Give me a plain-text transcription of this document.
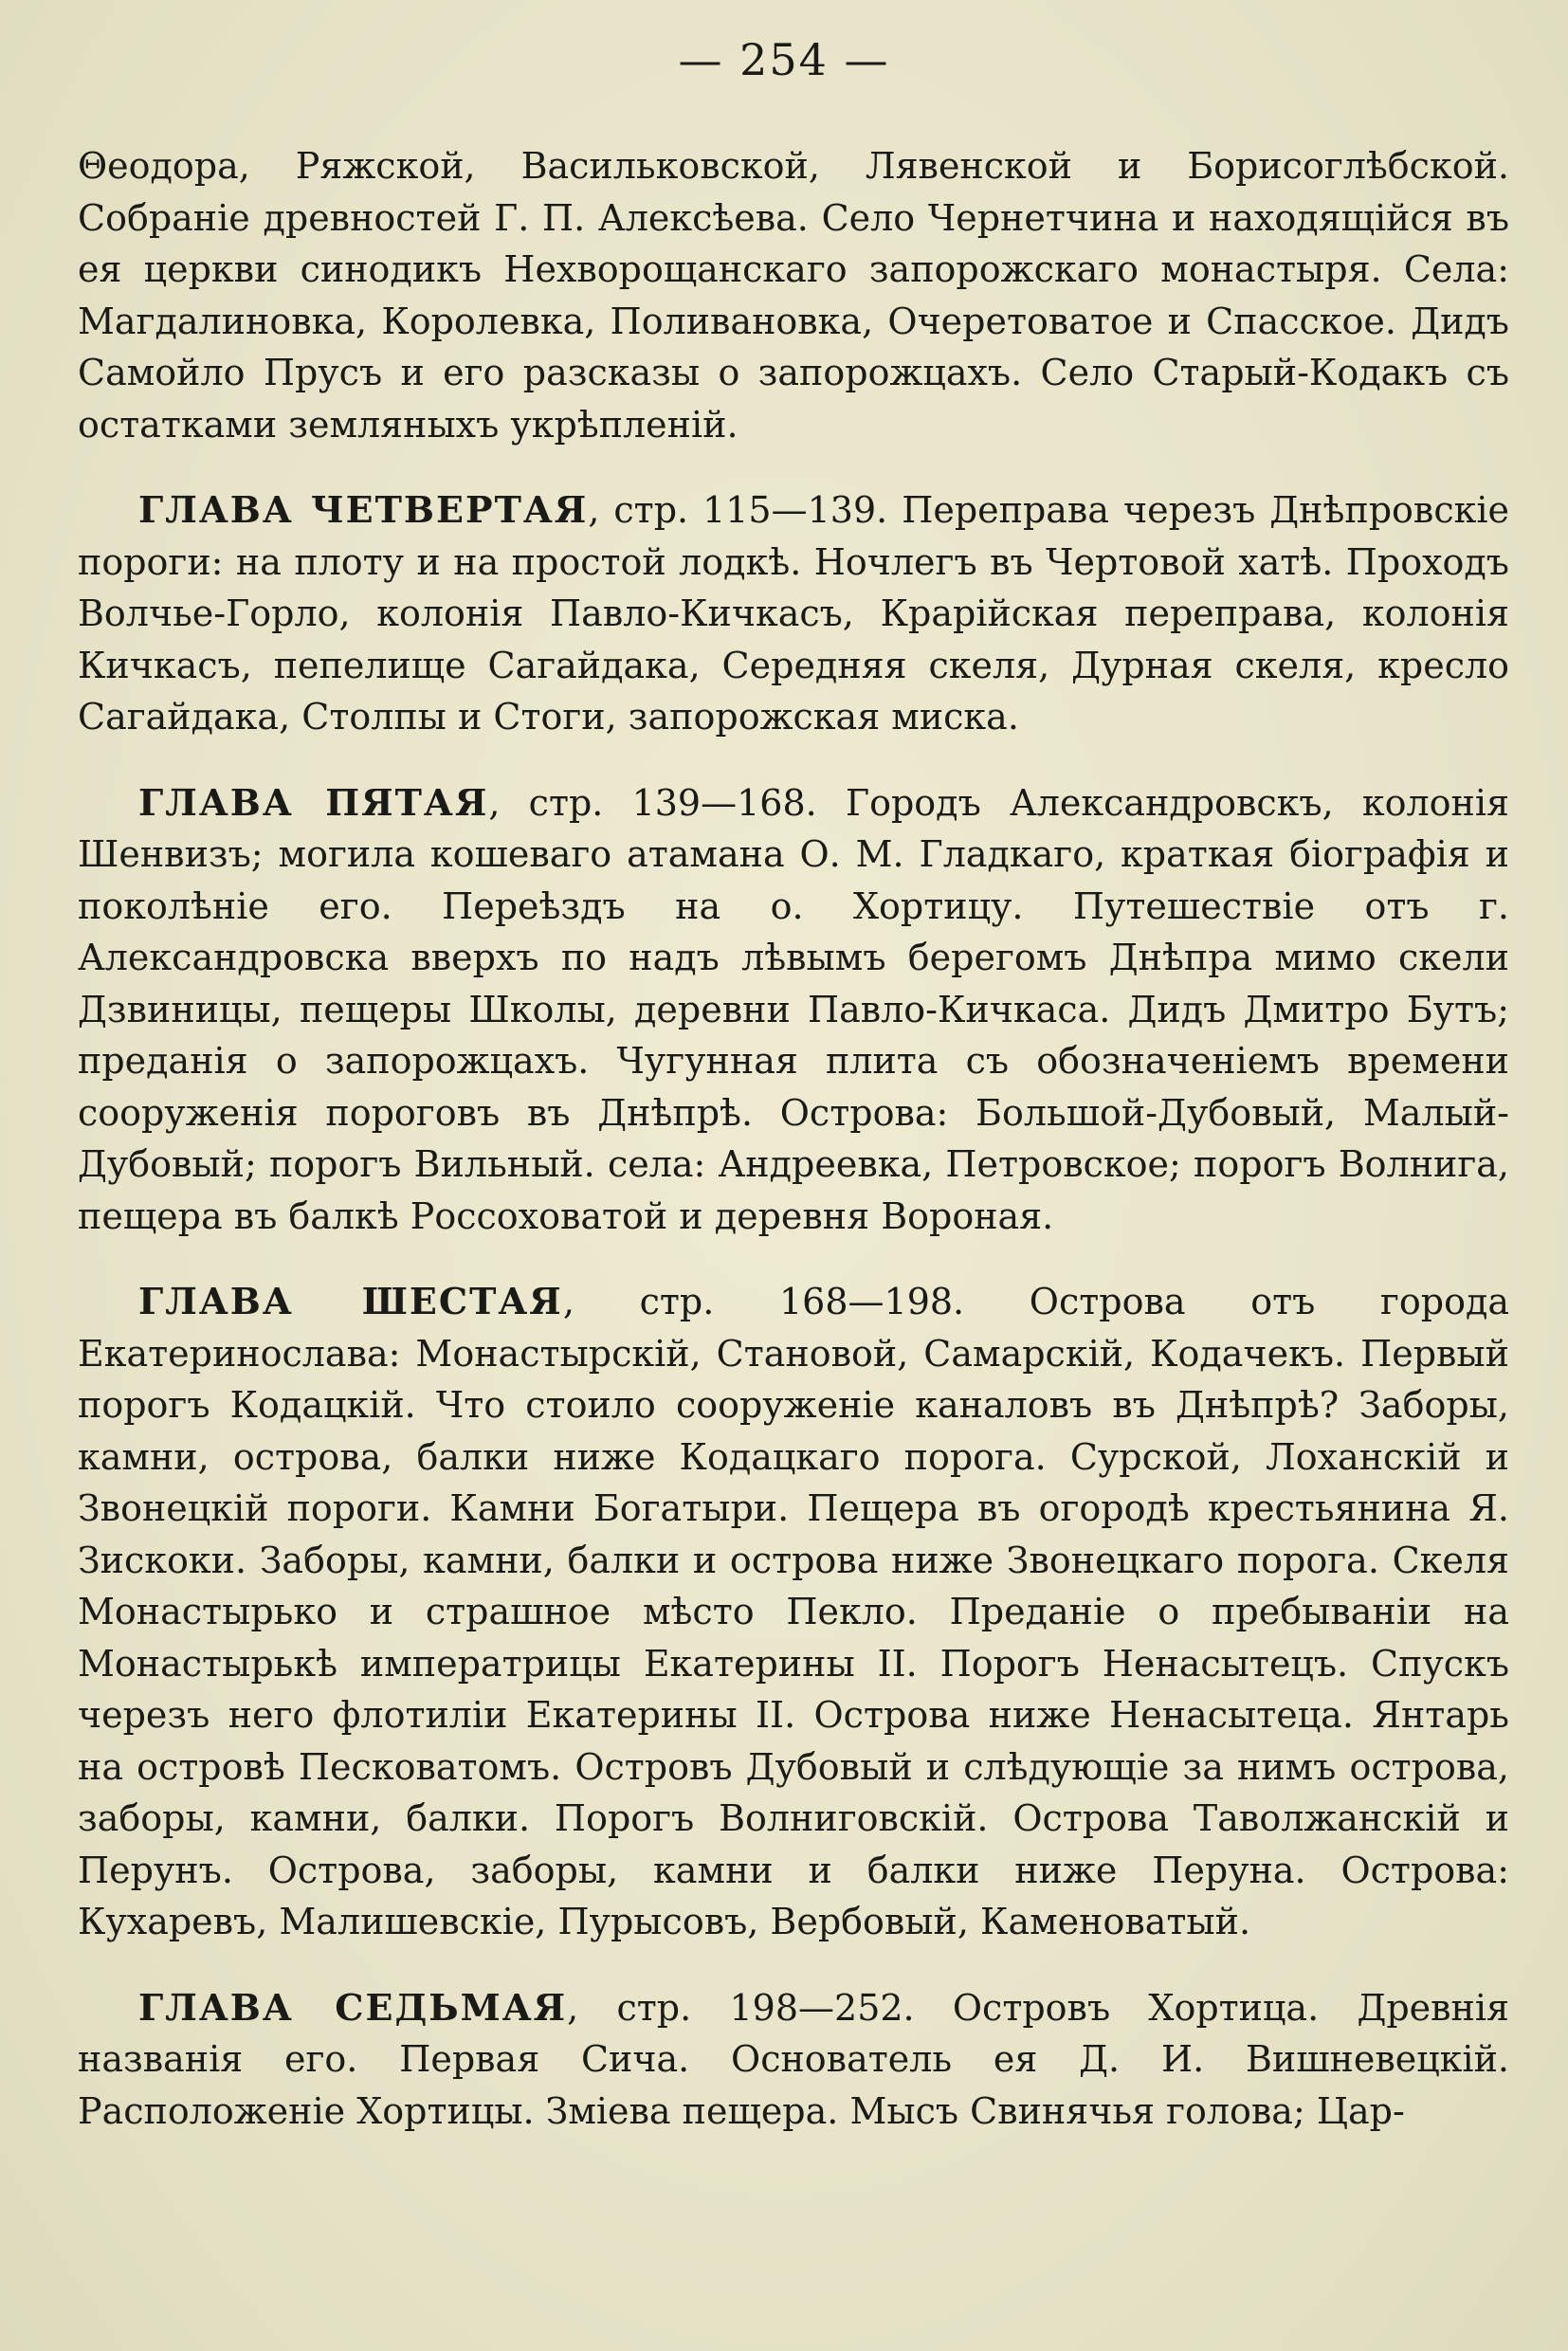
— 254 —

Θеодора, Ряжской, Васильковской, Лявенской и Борисоглѣбской. Собраніе древностей Г. П. Алексѣева. Село Чернетчина и находящійся въ ея церкви синодикъ Нехворощанскаго запорожскаго монастыря. Села: Магдалиновка, Королевка, Поливановка, Очеретоватое и Спасское. Дидъ Самойло Прусъ и его разсказы о запорожцахъ. Село Старый-Кодакъ съ остатками земляныхъ укрѣпленій.

ГЛАВА ЧЕТВЕРТАЯ, стр. 115—139. Переправа черезъ Днѣпровскіе пороги: на плоту и на простой лодкѣ. Ночлегъ въ Чертовой хатѣ. Проходъ Волчье-Горло, колонія Павло-Кичкасъ, Крарійская переправа, колонія Кичкасъ, пепелище Сагайдака, Середняя скеля, Дурная скеля, кресло Сагайдака, Столпы и Стоги, запорожская миска.

ГЛАВА ПЯТАЯ, стр. 139—168. Городъ Александровскъ, колонія Шенвизъ; могила кошеваго атамана О. М. Гладкаго, краткая біографія и поколѣніе его. Переѣздъ на о. Хортицу. Путешествіе отъ г. Александровска вверхъ по надъ лѣвымъ берегомъ Днѣпра мимо скели Дзвиницы, пещеры Школы, деревни Павло-Кичкаса. Дидъ Дмитро Бутъ; преданія о запорожцахъ. Чугунная плита съ обозначеніемъ времени сооруженія пороговъ въ Днѣпрѣ. Острова: Большой-Дубовый, Малый-Дубовый; порогъ Вильный. села: Андреевка, Петровское; порогъ Волнига, пещера въ балкѣ Россоховатой и деревня Вороная.

ГЛАВА ШЕСТАЯ, стр. 168—198. Острова отъ города Екатеринослава: Монастырскій, Становой, Самарскій, Кодачекъ. Первый порогъ Кодацкій. Что стоило сооруженіе каналовъ въ Днѣпрѣ? Заборы, камни, острова, балки ниже Кодацкаго порога. Сурской, Лоханскій и Звонецкій пороги. Камни Богатыри. Пещера въ огородѣ крестьянина Я. Зискоки. Заборы, камни, балки и острова ниже Звонецкаго порога. Скеля Монастырько и страшное мѣсто Пекло. Преданіе о пребываніи на Монастырькѣ императрицы Екатерины II. Порогъ Ненасытецъ. Спускъ черезъ него флотиліи Екатерины II. Острова ниже Ненасытеца. Янтарь на островѣ Песковатомъ. Островъ Дубовый и слѣдующіе за нимъ острова, заборы, камни, балки. Порогъ Волниговскій. Острова Таволжанскій и Перунъ. Острова, заборы, камни и балки ниже Перуна. Острова: Кухаревъ, Малишевскіе, Пурысовъ, Вербовый, Каменоватый.

ГЛАВА СЕДЬМАЯ, стр. 198—252. Островъ Хортица. Древнія названія его. Первая Сича. Основатель ея Д. И. Вишневецкій. Расположеніе Хортицы. Зміева пещера. Мысъ Свинячья голова; Цар-
